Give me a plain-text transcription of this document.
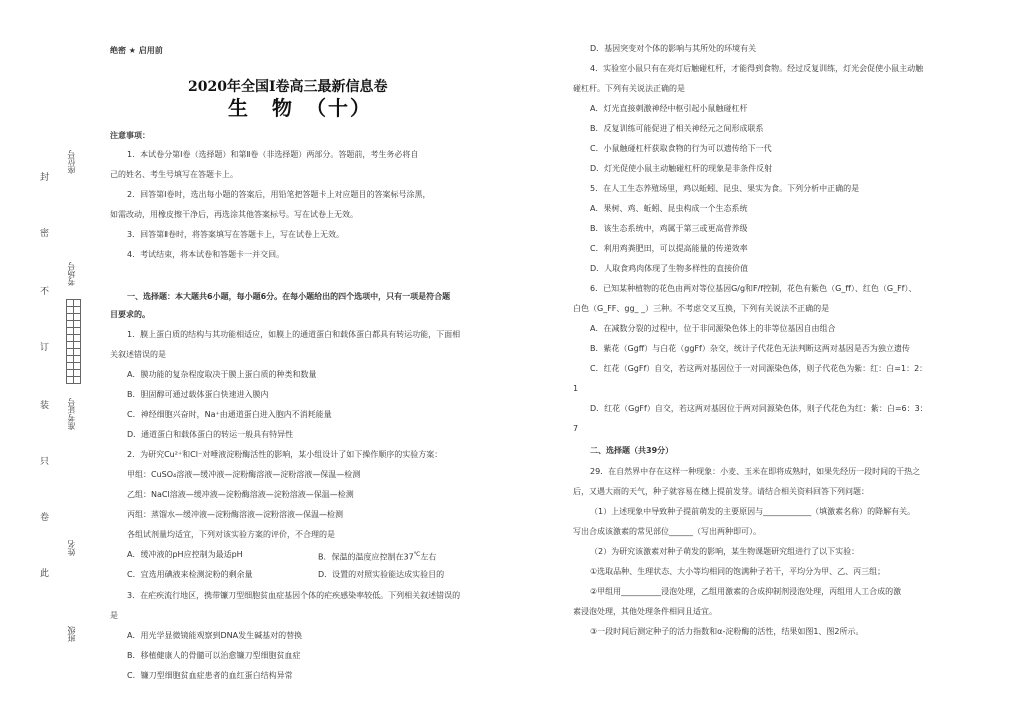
封
密
不
订
装
只
卷
此
座位号
考场号
准考证号
姓名
班级
绝密 ★ 启用前
2020年全国I卷高三最新信息卷
生　物　（十）
注意事项：
1．本试卷分第Ⅰ卷（选择题）和第Ⅱ卷（非选择题）两部分。答题前，考生务必将自
己的姓名、考生号填写在答题卡上。
2．回答第Ⅰ卷时，选出每小题的答案后，用铅笔把答题卡上对应题目的答案标号涂黑，
如需改动，用橡皮擦干净后，再选涂其他答案标号。写在试卷上无效。
3．回答第Ⅱ卷时，将答案填写在答题卡上，写在试卷上无效。
4．考试结束，将本试卷和答题卡一并交回。
一、选择题：本大题共6小题，每小题6分。在每小题给出的四个选项中，只有一项是符合题
目要求的。
1．膜上蛋白质的结构与其功能相适应，如膜上的通道蛋白和载体蛋白都具有转运功能，下面相
关叙述错误的是
A．膜功能的复杂程度取决于膜上蛋白质的种类和数量
B．胆固醇可通过载体蛋白快速进入膜内
C．神经细胞兴奋时，Na⁺由通道蛋白进入胞内不消耗能量
D．通道蛋白和载体蛋白的转运一般具有特异性
2．为研究Cu²⁺和Cl⁻对唾液淀粉酶活性的影响，某小组设计了如下操作顺序的实验方案：
甲组：CuSO₄溶液—缓冲液—淀粉酶溶液—淀粉溶液—保温—检测
乙组：NaCl溶液—缓冲液—淀粉酶溶液—淀粉溶液—保温—检测
丙组：蒸馏水—缓冲液—淀粉酶溶液—淀粉溶液—保温—检测
各组试剂量均适宜，下列对该实验方案的评价，不合理的是
A．缓冲液的pH应控制为最适pH	B．保温的温度应控制在37℃左右
C．宜选用碘液来检测淀粉的剩余量	D．设置的对照实验能达成实验目的
3．在疟疾流行地区，携带镰刀型细胞贫血症基因个体的疟疾感染率较低。下列相关叙述错误的
是
A．用光学显微镜能观察到DNA发生碱基对的替换
B．移植健康人的骨髓可以治愈镰刀型细胞贫血症
C．镰刀型细胞贫血症患者的血红蛋白结构异常
D．基因突变对个体的影响与其所处的环境有关
4．实验室小鼠只有在亮灯后触碰杠杆，才能得到食物。经过反复训练，灯光会促使小鼠主动触
碰杠杆。下列有关说法正确的是
A．灯光直接刺激神经中枢引起小鼠触碰杠杆
B．反复训练可能促进了相关神经元之间形成联系
C．小鼠触碰杠杆获取食物的行为可以遗传给下一代
D．灯光促使小鼠主动触碰杠杆的现象是非条件反射
5．在人工生态养殖场里，鸡以蚯蚓、昆虫、果实为食。下列分析中正确的是
A．果树、鸡、蚯蚓、昆虫构成一个生态系统
B．该生态系统中，鸡属于第三或更高营养级
C．利用鸡粪肥田，可以提高能量的传递效率
D．人取食鸡肉体现了生物多样性的直接价值
6．已知某种植物的花色由两对等位基因G/g和F/f控制，花色有紫色（G_ff）、红色（G_Ff）、
白色（G_FF、gg_ _）三种。不考虑交叉互换，下列有关说法不正确的是
A．在减数分裂的过程中，位于非同源染色体上的非等位基因自由组合
B．紫花（Ggff）与白花（ggFf）杂交，统计子代花色无法判断这两对基因是否为独立遗传
C．红花（GgFf）自交，若这两对基因位于一对同源染色体，则子代花色为紫：红：白=1：2：
1
D．红花（GgFf）自交，若这两对基因位于两对同源染色体，则子代花色为红：紫：白=6：3：
7
二、选择题（共39分）
29．在自然界中存在这样一种现象：小麦、玉米在即将成熟时，如果先经历一段时间的干热之
后，又遇大雨的天气，种子就容易在穗上提前发芽。请结合相关资料回答下列问题：
（1）上述现象中导致种子提前萌发的主要原因与____________（填激素名称）的降解有关。
写出合成该激素的常见部位______（写出两种即可）。
（2）为研究该激素对种子萌发的影响，某生物课题研究组进行了以下实验：
①选取品种、生理状态、大小等均相同的饱满种子若干，平均分为甲、乙、丙三组；
②甲组用__________浸泡处理，乙组用激素的合成抑制剂浸泡处理，丙组用人工合成的激
素浸泡处理，其他处理条件相同且适宜。
③一段时间后测定种子的活力指数和α-淀粉酶的活性，结果如图1、图2所示。
